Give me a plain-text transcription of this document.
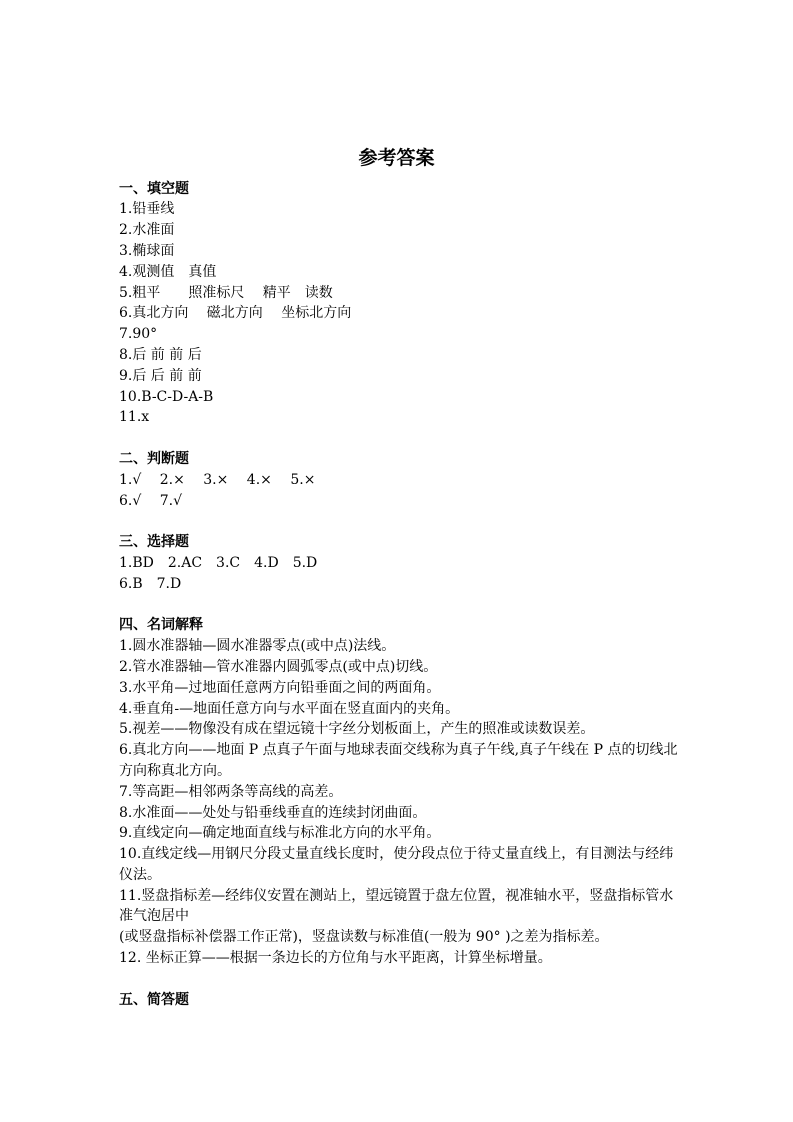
参考答案
一、填空题
1.铅垂线
2.水准面
3.椭球面
4.观测值　真值
5.粗平　　照准标尺　 精平　读数
6.真北方向　 磁北方向　 坐标北方向
7.90°
8.后 前 前 后
9.后 后 前 前
10.B-C-D-A-B
11.x
二、判断题
1.√　 2.×　 3.×　 4.×　 5.×
6.√　 7.√
三、选择题
1.BD　2.AC　3.C　4.D　5.D
6.B　7.D
四、名词解释
1.圆水准器轴—圆水准器零点(或中点)法线。
2.管水准器轴—管水准器内圆弧零点(或中点)切线。
3.水平角—过地面任意两方向铅垂面之间的两面角。
4.垂直角-—地面任意方向与水平面在竖直面内的夹角。
5.视差——物像没有成在望远镜十字丝分划板面上，产生的照准或读数误差。
6.真北方向——地面 P 点真子午面与地球表面交线称为真子午线,真子午线在 P 点的切线北
方向称真北方向。
7.等高距—相邻两条等高线的高差。
8.水准面——处处与铅垂线垂直的连续封闭曲面。
9.直线定向—确定地面直线与标准北方向的水平角。
10.直线定线—用钢尺分段丈量直线长度时，使分段点位于待丈量直线上，有目测法与经纬
仪法。
11.竖盘指标差—经纬仪安置在测站上，望远镜置于盘左位置，视准轴水平，竖盘指标管水
准气泡居中
(或竖盘指标补偿器工作正常)，竖盘读数与标准值(一般为 90° )之差为指标差。
12. 坐标正算——根据一条边长的方位角与水平距离，计算坐标增量。
五、简答题
